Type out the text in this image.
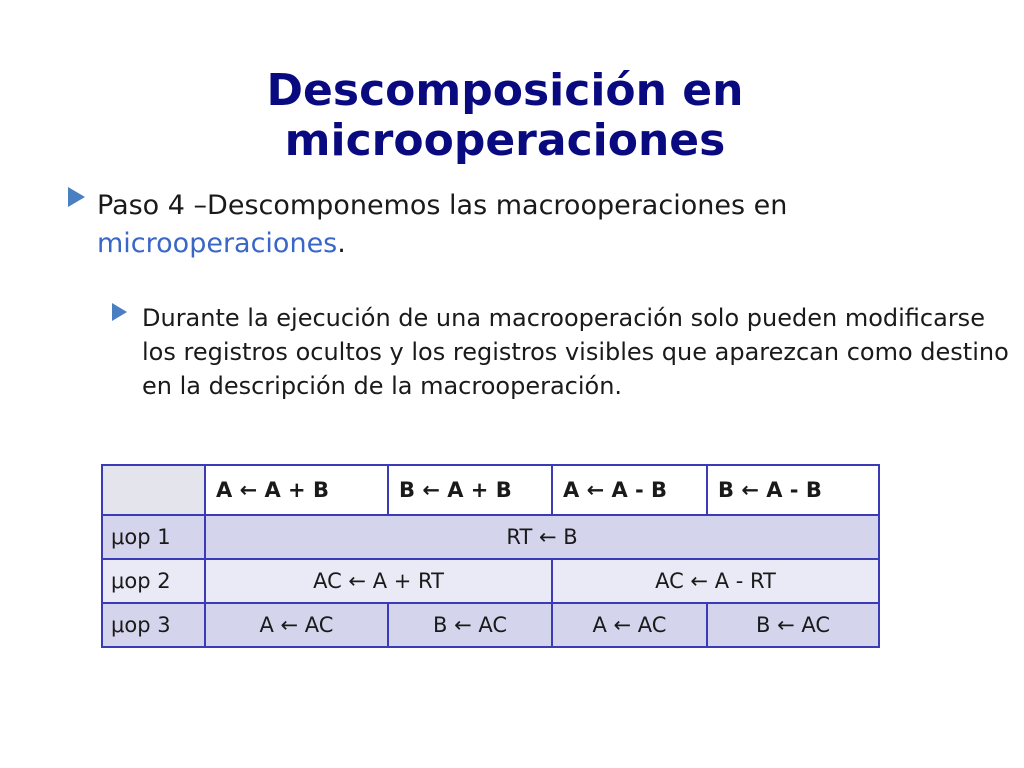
Descomposición en
microoperaciones
Paso 4 –Descomponemos las macrooperaciones en microoperaciones.
Durante la ejecución de una macrooperación solo pueden modificarse los registros ocultos y los registros visibles que aparezcan como destino en la descripción de la macrooperación.
	A ← A + B	B ← A + B	A ← A - B	B ← A - B
μop 1	RT ← B			
μop 2	AC ← A + RT		AC ← A - RT	
μop 3	A ← AC	B ← AC	A ← AC	B ← AC
